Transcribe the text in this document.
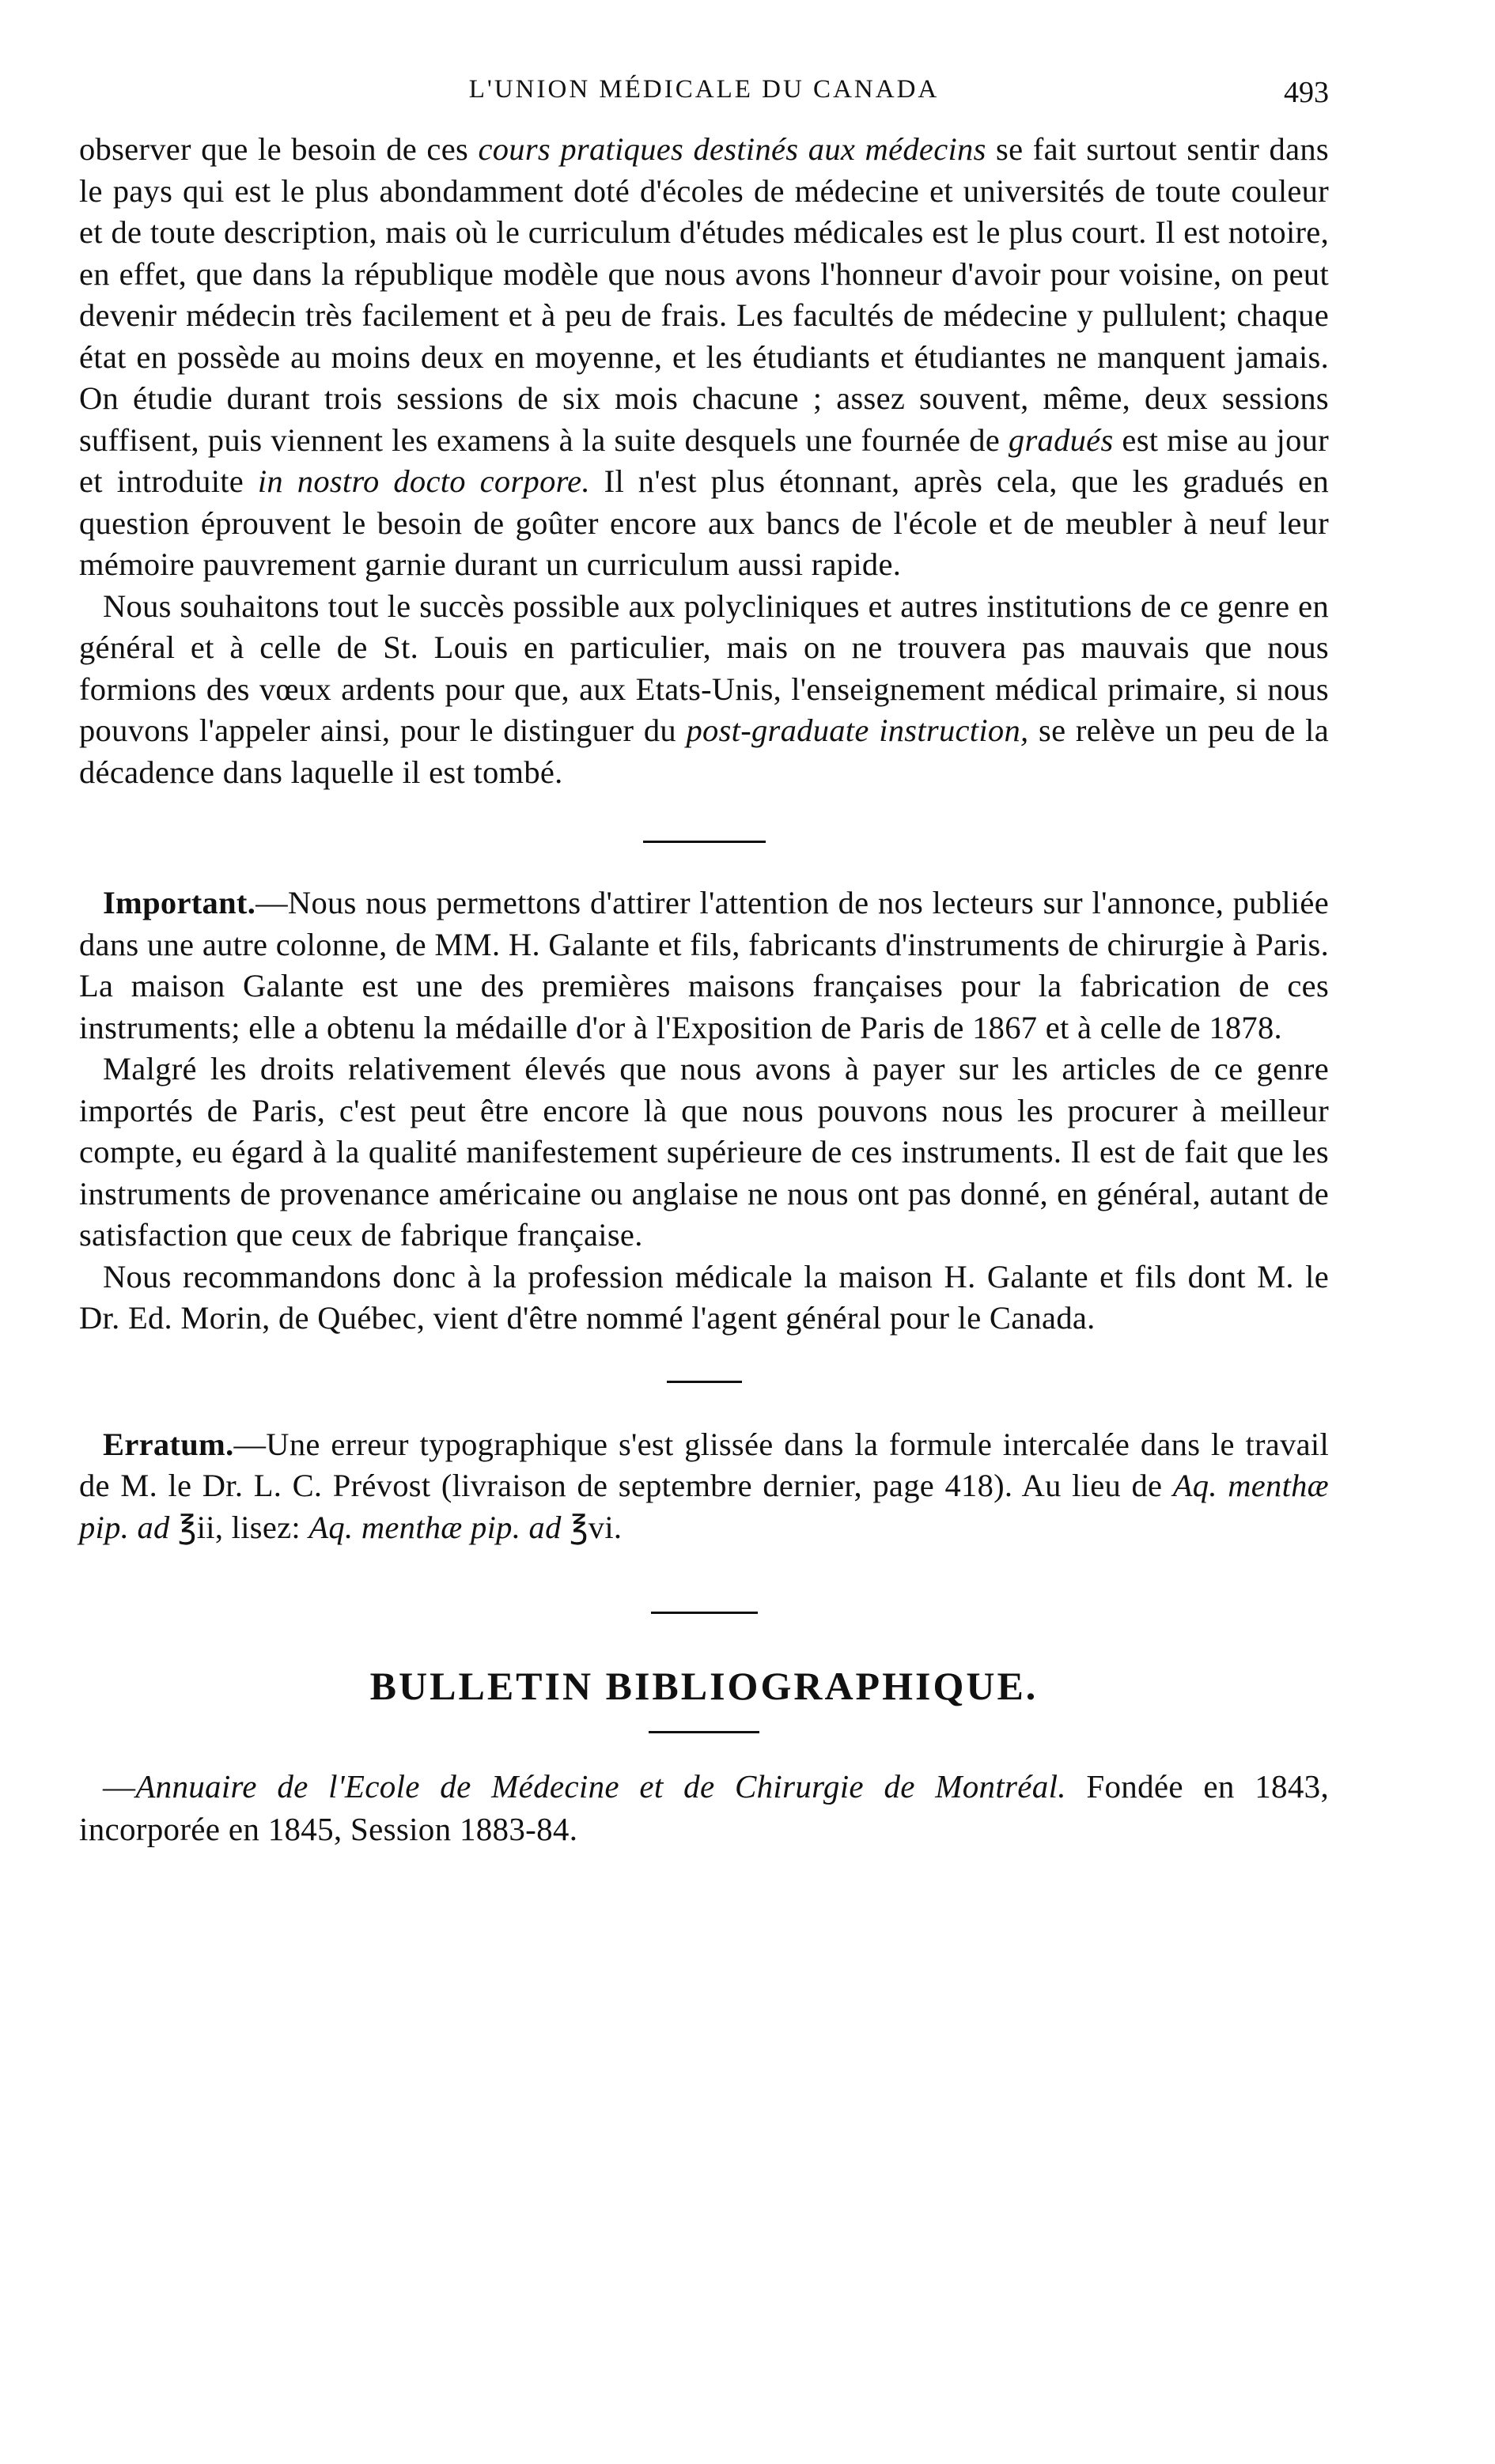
L'UNION MÉDICALE DU CANADA	493

observer que le besoin de ces cours pratiques destinés aux médecins se fait surtout sentir dans le pays qui est le plus abondamment doté d'écoles de médecine et universités de toute couleur et de toute description, mais où le curriculum d'études médicales est le plus court. Il est notoire, en effet, que dans la république modèle que nous avons l'honneur d'avoir pour voisine, on peut devenir médecin très facilement et à peu de frais. Les facultés de médecine y pullulent; chaque état en possède au moins deux en moyenne, et les étudiants et étudiantes ne manquent jamais. On étudie durant trois sessions de six mois chacune ; assez souvent, même, deux sessions suffisent, puis viennent les examens à la suite desquels une fournée de gradués est mise au jour et introduite in nostro docto corpore. Il n'est plus étonnant, après cela, que les gradués en question éprouvent le besoin de goûter encore aux bancs de l'école et de meubler à neuf leur mémoire pauvrement garnie durant un curriculum aussi rapide.

Nous souhaitons tout le succès possible aux polycliniques et autres institutions de ce genre en général et à celle de St. Louis en particulier, mais on ne trouvera pas mauvais que nous formions des vœux ardents pour que, aux Etats-Unis, l'enseignement médical primaire, si nous pouvons l'appeler ainsi, pour le distinguer du post-graduate instruction, se relève un peu de la décadence dans laquelle il est tombé.

Important.—Nous nous permettons d'attirer l'attention de nos lecteurs sur l'annonce, publiée dans une autre colonne, de MM. H. Galante et fils, fabricants d'instruments de chirurgie à Paris. La maison Galante est une des premières maisons françaises pour la fabrication de ces instruments; elle a obtenu la médaille d'or à l'Exposition de Paris de 1867 et à celle de 1878.

Malgré les droits relativement élevés que nous avons à payer sur les articles de ce genre importés de Paris, c'est peut être encore là que nous pouvons nous les procurer à meilleur compte, eu égard à la qualité manifestement supérieure de ces instruments. Il est de fait que les instruments de provenance américaine ou anglaise ne nous ont pas donné, en général, autant de satisfaction que ceux de fabrique française.

Nous recommandons donc à la profession médicale la maison H. Galante et fils dont M. le Dr. Ed. Morin, de Québec, vient d'être nommé l'agent général pour le Canada.

Erratum.—Une erreur typographique s'est glissée dans la formule intercalée dans le travail de M. le Dr. L. C. Prévost (livraison de septembre dernier, page 418). Au lieu de Aq. menthæ pip. ad ℥ii, lisez: Aq. menthæ pip. ad ℥vi.

BULLETIN BIBLIOGRAPHIQUE.

—Annuaire de l'Ecole de Médecine et de Chirurgie de Montréal. Fondée en 1843, incorporée en 1845, Session 1883-84.
